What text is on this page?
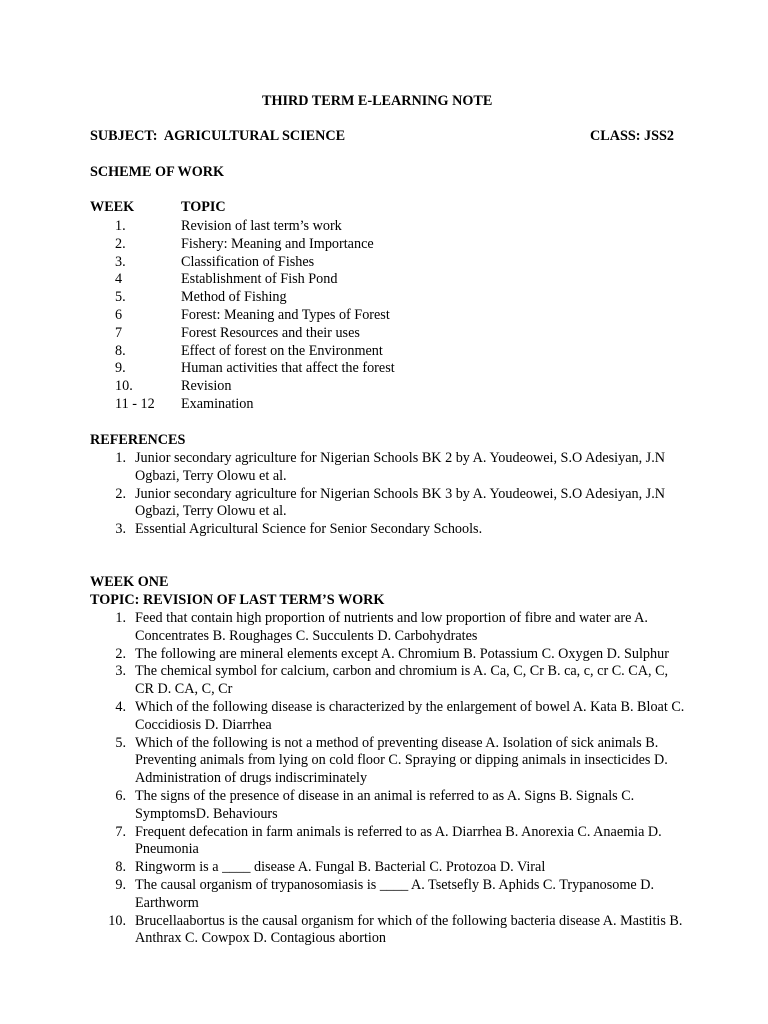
THIRD TERM E-LEARNING NOTE
SUBJECT:  AGRICULTURAL SCIENCE	CLASS: JSS2
SCHEME OF WORK
WEEK	TOPIC
1.	Revision of last term’s work
2.	Fishery: Meaning and Importance
3.	Classification of Fishes
4	Establishment of Fish Pond
5.	Method of Fishing
6	Forest: Meaning and Types of Forest
7	Forest Resources and their uses
8.	Effect of forest on the Environment
9.	Human activities that affect the forest
10.	Revision
11 - 12 Examination
REFERENCES
1. Junior secondary agriculture for Nigerian Schools BK 2 by A. Youdeowei, S.O Adesiyan, J.N Ogbazi, Terry Olowu et al.
2. Junior secondary agriculture for Nigerian Schools BK 3 by A. Youdeowei, S.O Adesiyan, J.N Ogbazi, Terry Olowu et al.
3. Essential Agricultural Science for Senior Secondary Schools.
WEEK ONE
TOPIC: REVISION OF LAST TERM’S WORK
1. Feed that contain high proportion of nutrients and low proportion of fibre and water are A. Concentrates B. Roughages C. Succulents D. Carbohydrates
2. The following are mineral elements except A. Chromium B. Potassium C. Oxygen D. Sulphur
3. The chemical symbol for calcium, carbon and chromium is A. Ca, C, Cr B. ca, c, cr C. CA, C, CR D. CA, C, Cr
4. Which of the following disease is characterized by the enlargement of bowel A. Kata B. Bloat C. Coccidiosis D. Diarrhea
5. Which of the following is not a method of preventing disease A. Isolation of sick animals B. Preventing animals from lying on cold floor C. Spraying or dipping animals in insecticides D. Administration of drugs indiscriminately
6. The signs of the presence of disease in an animal is referred to as A. Signs B. Signals C. SymptomsD. Behaviours
7. Frequent defecation in farm animals is referred to as A. Diarrhea B. Anorexia C. Anaemia D. Pneumonia
8. Ringworm is a ____ disease A. Fungal B. Bacterial C. Protozoa D. Viral
9. The causal organism of trypanosomiasis is ____ A. Tsetsefly B. Aphids C. Trypanosome D. Earthworm
10. Brucellaabortus is the causal organism for which of the following bacteria disease A. Mastitis B. Anthrax C. Cowpox D. Contagious abortion
